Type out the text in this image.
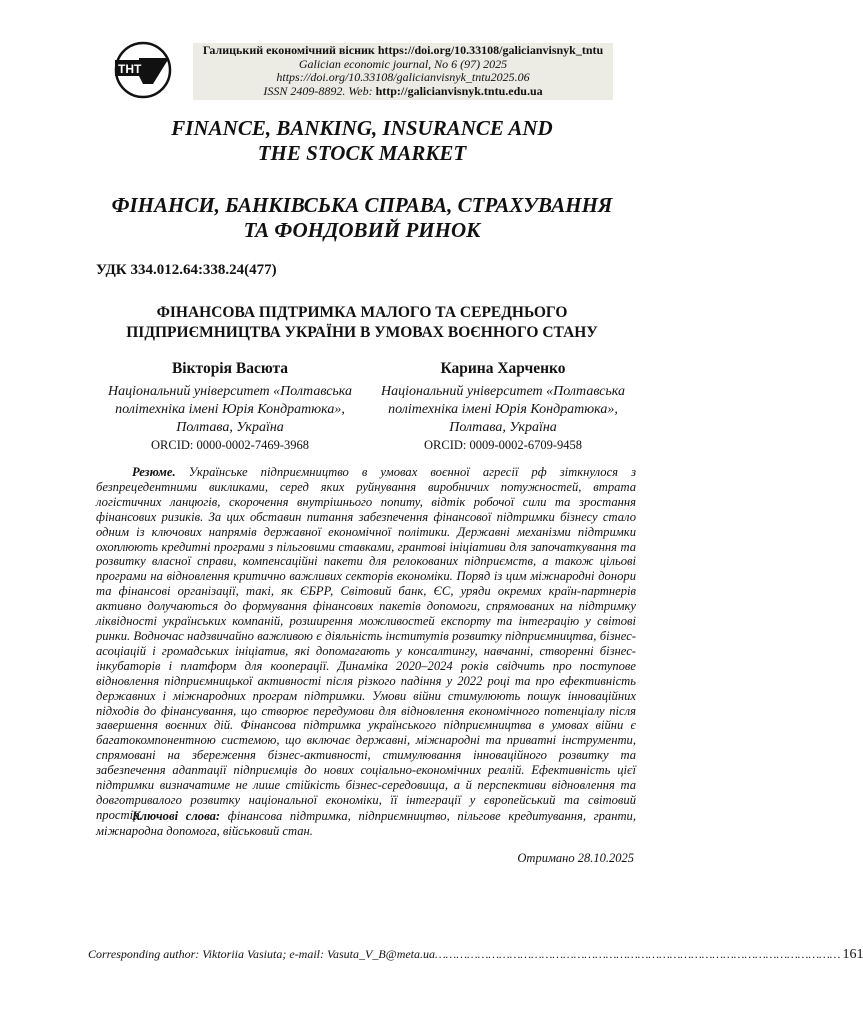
THT
Галицький економічний вісник https://doi.org/10.33108/galicianvisnyk_tntu
Galician economic journal, No 6 (97) 2025
https://doi.org/10.33108/galicianvisnyk_tntu2025.06
ISSN 2409-8892. Web: http://galicianvisnyk.tntu.edu.ua
FINANCE, BANKING, INSURANCE AND
THE STOCK MARKET
ФІНАНСИ, БАНКІВСЬКА СПРАВА, СТРАХУВАННЯ
ТА ФОНДОВИЙ РИНОК
УДК 334.012.64:338.24(477)
ФІНАНСОВА ПІДТРИМКА МАЛОГО ТА СЕРЕДНЬОГО
ПІДПРИЄМНИЦТВА УКРАЇНИ В УМОВАХ ВОЄННОГО СТАНУ
Вікторія Васюта
Національний університет «Полтавська
політехніка імені Юрія Кондратюка»,
Полтава, Україна
ORCID: 0000-0002-7469-3968
Карина Харченко
Національний університет «Полтавська
політехніка імені Юрія Кондратюка»,
Полтава, Україна
ORCID: 0009-0002-6709-9458
Резюме. Українське підприємництво в умовах воєнної агресії рф зіткнулося з безпрецедентними викликами, серед яких руйнування виробничих потужностей, втрата логістичних ланцюгів, скорочення внутрішнього попиту, відтік робочої сили та зростання фінансових ризиків. За цих обставин питання забезпечення фінансової підтримки бізнесу стало одним із ключових напрямів державної економічної політики. Державні механізми підтримки охоплюють кредитні програми з пільговими ставками, грантові ініціативи для започаткування та розвитку власної справи, компенсаційні пакети для релокованих підприємств, а також цільові програми на відновлення критично важливих секторів економіки. Поряд із цим міжнародні донори та фінансові організації, такі, як ЄБРР, Світовий банк, ЄС, уряди окремих країн-партнерів активно долучаються до формування фінансових пакетів допомоги, спрямованих на підтримку ліквідності українських компаній, розширення можливостей експорту та інтеграцію у світові ринки. Водночас надзвичайно важливою є діяльність інститутів розвитку підприємництва, бізнес-асоціацій і громадських ініціатив, які допомагають у консалтингу, навчанні, створенні бізнес-інкубаторів і платформ для кооперації. Динаміка 2020–2024 років свідчить про поступове відновлення підприємницької активності після різкого падіння у 2022 році та про ефективність державних і міжнародних програм підтримки. Умови війни стимулюють пошук інноваційних підходів до фінансування, що створює передумови для відновлення економічного потенціалу після завершення воєнних дій. Фінансова підтримка українського підприємництва в умовах війни є багатокомпонентною системою, що включає державні, міжнародні та приватні інструменти, спрямовані на збереження бізнес-активності, стимулювання інноваційного розвитку та забезпечення адаптації підприємців до нових соціально-економічних реалій. Ефективність цієї підтримки визначатиме не лише стійкість бізнес-середовища, а й перспективи відновлення та довготривалого розвитку національної економіки, її інтеграції у європейський та світовий простір.
Ключові слова: фінансова підтримка, підприємництво, пільгове кредитування, гранти, міжнародна допомога, військовий стан.
Отримано 28.10.2025
Corresponding author: Viktoriia Vasiuta; e-mail: Vasuta_V_B@meta.ua …………………………………………………………………………………………………… 161
